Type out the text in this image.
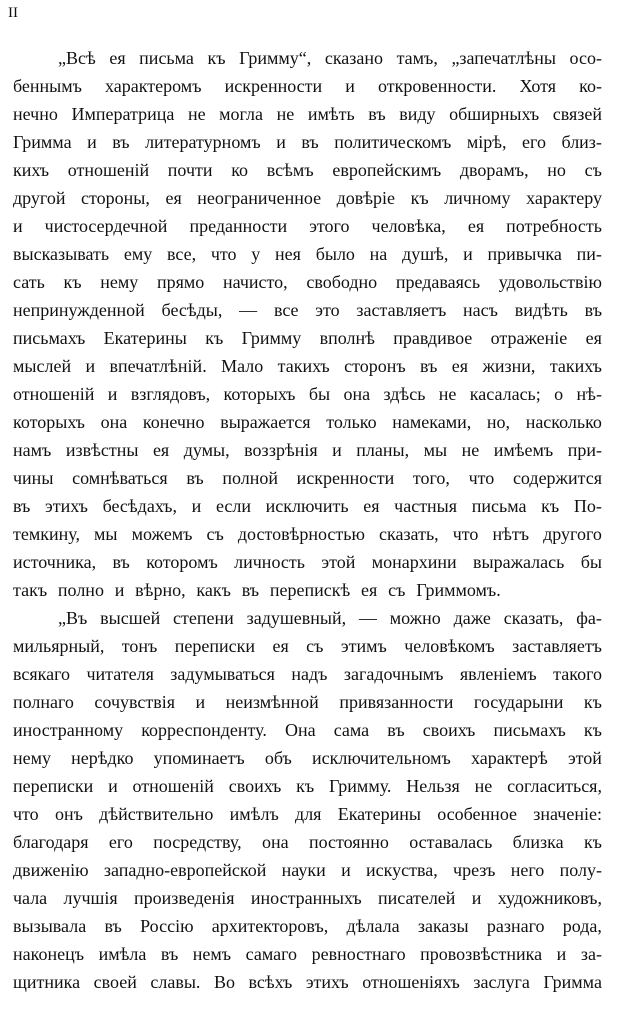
II
„Всѣ ея письма къ Гримму“, сказано тамъ, „запечатлѣны осо-
беннымъ характеромъ искренности и откровенности. Хотя ко-
нечно Императрица не могла не имѣть въ виду обширныхъ связей
Гримма и въ литературномъ и въ политическомъ мірѣ, его близ-
кихъ отношеній почти ко всѣмъ европейскимъ дворамъ, но съ
другой стороны, ея неограниченное довѣріе къ личному характеру
и чистосердечной преданности этого человѣка, ея потребность
высказывать ему все, что у нея было на душѣ, и привычка пи-
сать къ нему прямо начисто, свободно предаваясь удовольствію
непринужденной бесѣды, — все это заставляетъ насъ видѣть въ
письмахъ Екатерины къ Гримму вполнѣ правдивое отраженіе ея
мыслей и впечатлѣній. Мало такихъ сторонъ въ ея жизни, такихъ
отношеній и взглядовъ, которыхъ бы она здѣсь не касалась; о нѣ-
которыхъ она конечно выражается только намеками, но, насколько
намъ извѣстны ея думы, воззрѣнія и планы, мы не имѣемъ при-
чины сомнѣваться въ полной искренности того, что содержится
въ этихъ бесѣдахъ, и если исключить ея частныя письма къ По-
темкину, мы можемъ съ достовѣрностью сказать, что нѣтъ другого
источника, въ которомъ личность этой монархини выражалась бы
такъ полно и вѣрно, какъ въ перепискѣ ея съ Гриммомъ.
„Въ высшей степени задушевный, — можно даже сказать, фа-
мильярный, тонъ переписки ея съ этимъ человѣкомъ заставляетъ
всякаго читателя задумываться надъ загадочнымъ явленіемъ такого
полнаго сочувствія и неизмѣнной привязанности государыни къ
иностранному корреспонденту. Она сама въ своихъ письмахъ къ
нему нерѣдко упоминаетъ объ исключительномъ характерѣ этой
переписки и отношеній своихъ къ Гримму. Нельзя не согласиться,
что онъ дѣйствительно имѣлъ для Екатерины особенное значеніе:
благодаря его посредству, она постоянно оставалась близка къ
движенію западно-европейской науки и искуства, чрезъ него полу-
чала лучшія произведенія иностранныхъ писателей и художниковъ,
вызывала въ Россію архитекторовъ, дѣлала заказы разнаго рода,
наконецъ имѣла въ немъ самаго ревностнаго провозвѣстника и за-
щитника своей славы. Во всѣхъ этихъ отношеніяхъ заслуга Гримма
